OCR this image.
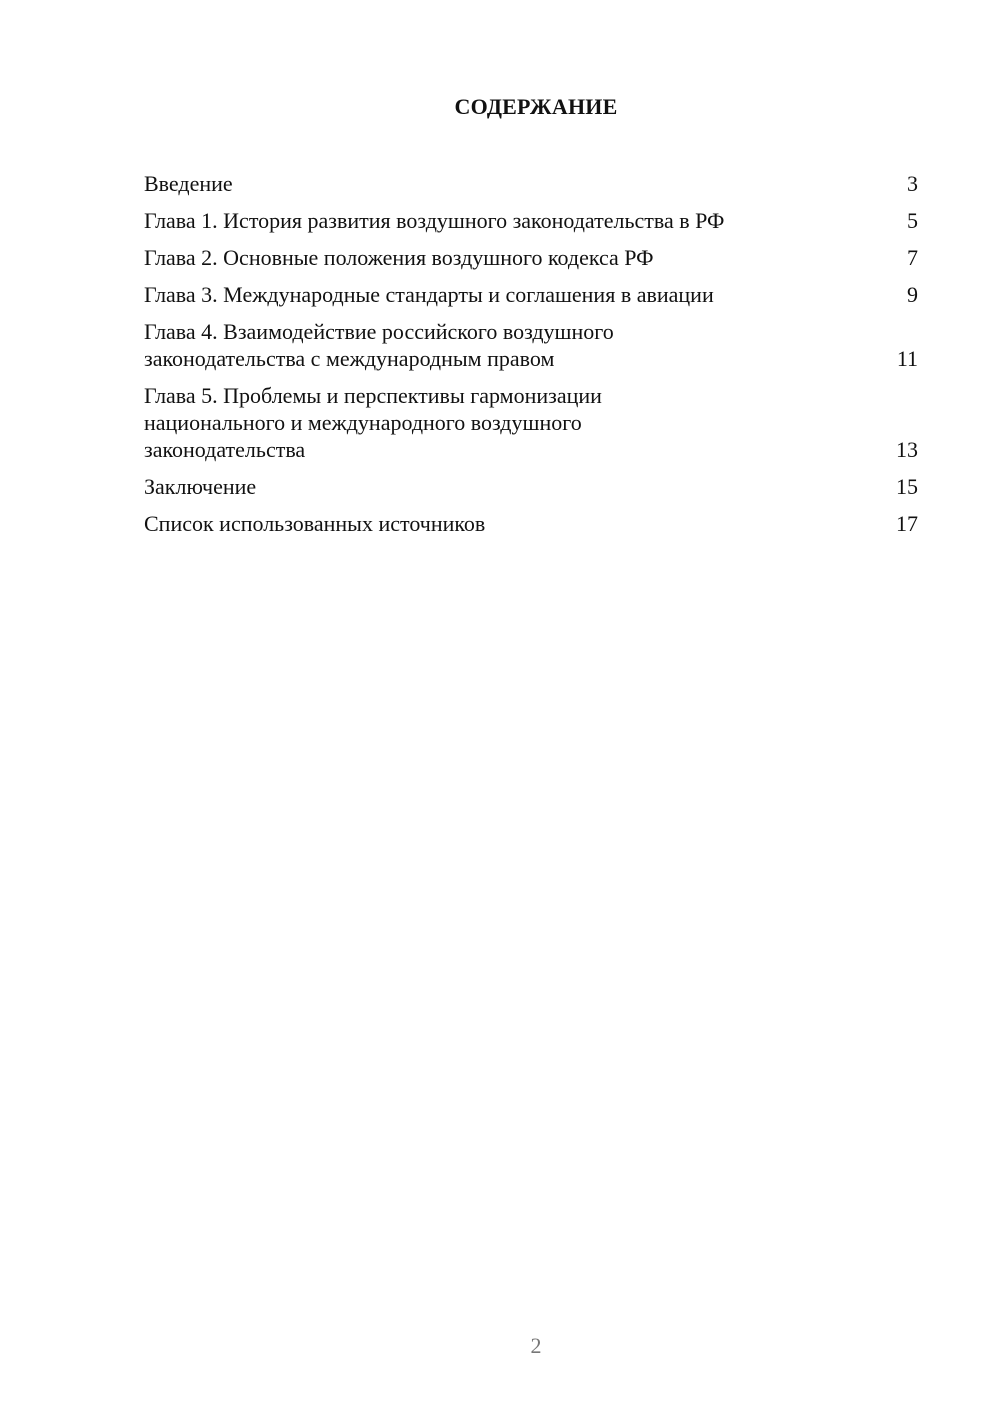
СОДЕРЖАНИЕ
Введение	3
Глава 1. История развития воздушного законодательства в РФ	5
Глава 2. Основные положения воздушного кодекса РФ	7
Глава 3. Международные стандарты и соглашения в авиации	9
Глава 4. Взаимодействие российского воздушного
законодательства с международным правом	11
Глава 5. Проблемы и перспективы гармонизации
национального и международного воздушного
законодательства	13
Заключение	15
Список использованных источников	17
2
